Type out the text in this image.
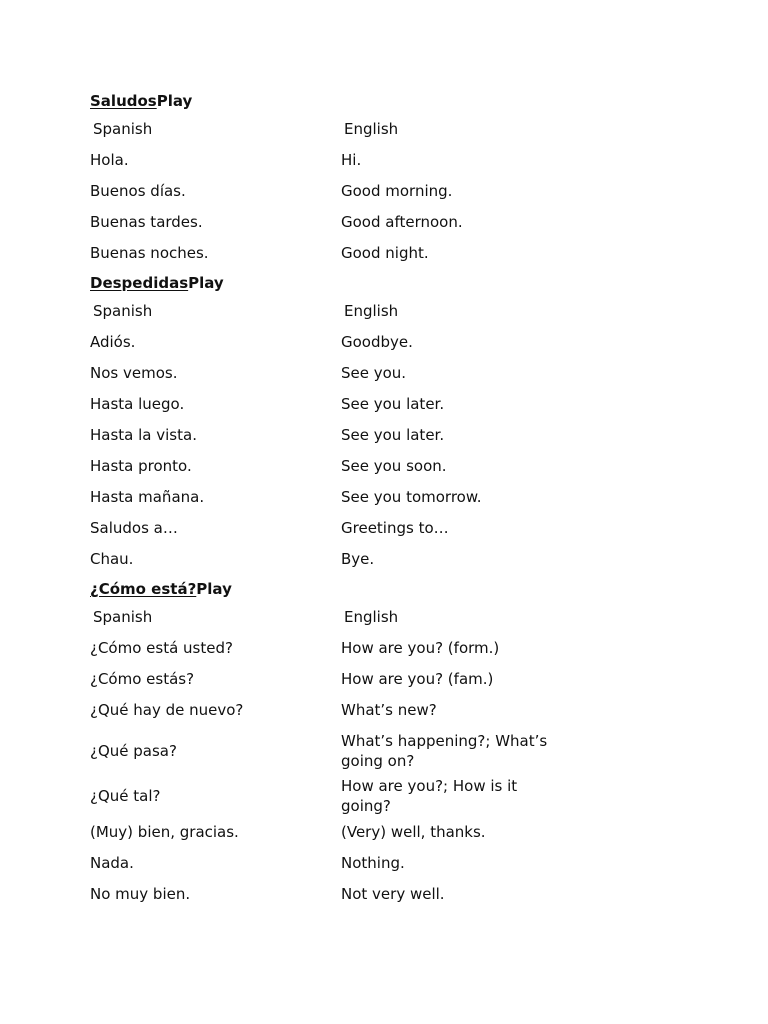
SaludosPlay
Spanish	English
Hola.	Hi.
Buenos días.	Good morning.
Buenas tardes.	Good afternoon.
Buenas noches.	Good night.
DespedidasPlay
Spanish	English
Adiós.	Goodbye.
Nos vemos.	See you.
Hasta luego.	See you later.
Hasta la vista.	See you later.
Hasta pronto.	See you soon.
Hasta mañana.	See you tomorrow.
Saludos a…	Greetings to…
Chau.	Bye.
¿Cómo está?Play
Spanish	English
¿Cómo está usted?	How are you? (form.)
¿Cómo estás?	How are you? (fam.)
¿Qué hay de nuevo?	What’s new?
¿Qué pasa?	What’s happening?; What’s going on?
¿Qué tal?	How are you?; How is it going?
(Muy) bien, gracias.	(Very) well, thanks.
Nada.	Nothing.
No muy bien.	Not very well.
